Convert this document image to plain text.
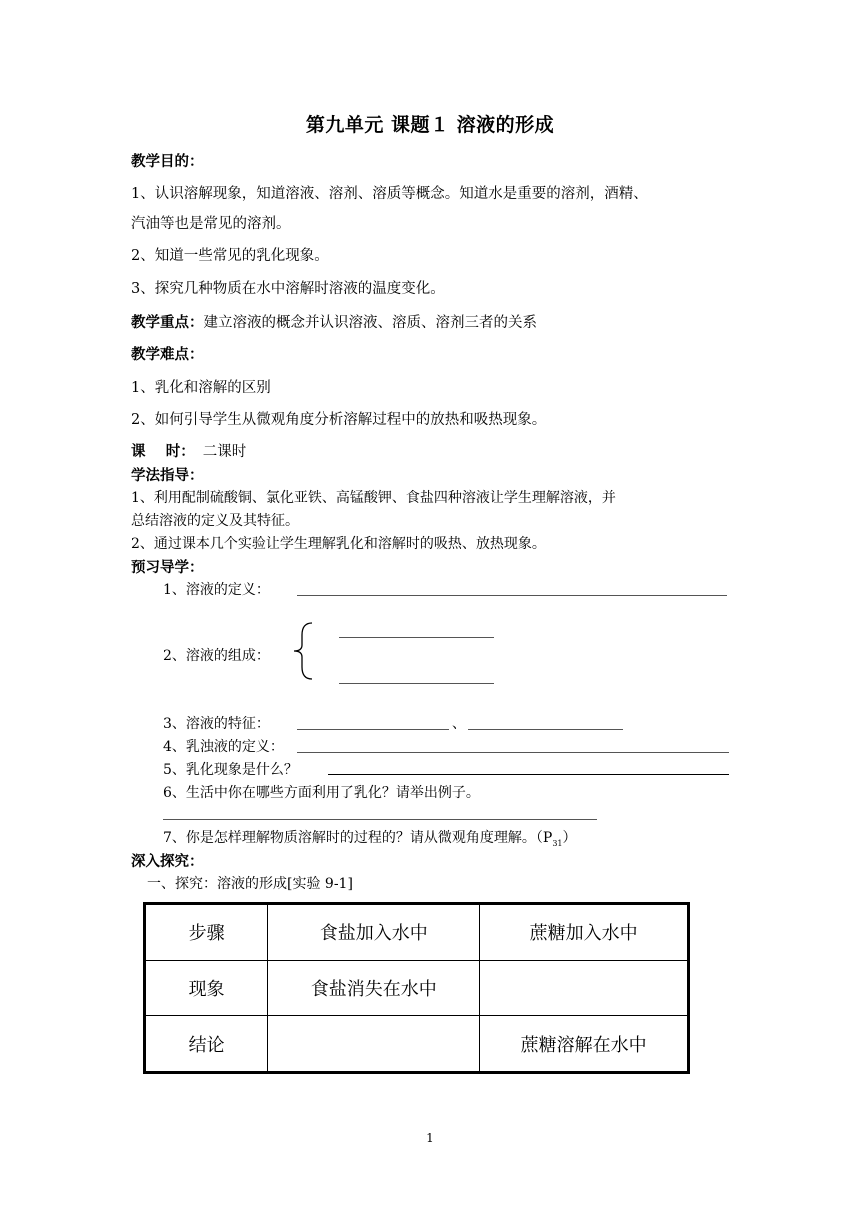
第九单元 课题１ 溶液的形成
教学目的：
1、认识溶解现象，知道溶液、溶剂、溶质等概念。知道水是重要的溶剂，酒精、
汽油等也是常见的溶剂。
2、知道一些常见的乳化现象。
3、探究几种物质在水中溶解时溶液的温度变化。
教学重点：建立溶液的概念并认识溶液、溶质、溶剂三者的关系
教学难点：
1、乳化和溶解的区别
2、如何引导学生从微观角度分析溶解过程中的放热和吸热现象。
课    时： 二课时
学法指导：
1、利用配制硫酸铜、氯化亚铁、高锰酸钾、食盐四种溶液让学生理解溶液，并
总结溶液的定义及其特征。
2、通过课本几个实验让学生理解乳化和溶解时的吸热、放热现象。
预习导学：
1、溶液的定义：
2、溶液的组成：
3、溶液的特征：	、
4、乳浊液的定义：
5、乳化现象是什么？
6、生活中你在哪些方面利用了乳化？请举出例子。
7、你是怎样理解物质溶解时的过程的？请从微观角度理解。$(P_{31})$
深入探究：
一、探究：溶液的形成[实验 9-1]
步骤	食盐加入水中	蔗糖加入水中
现象	食盐消失在水中	
结论		蔗糖溶解在水中
1
